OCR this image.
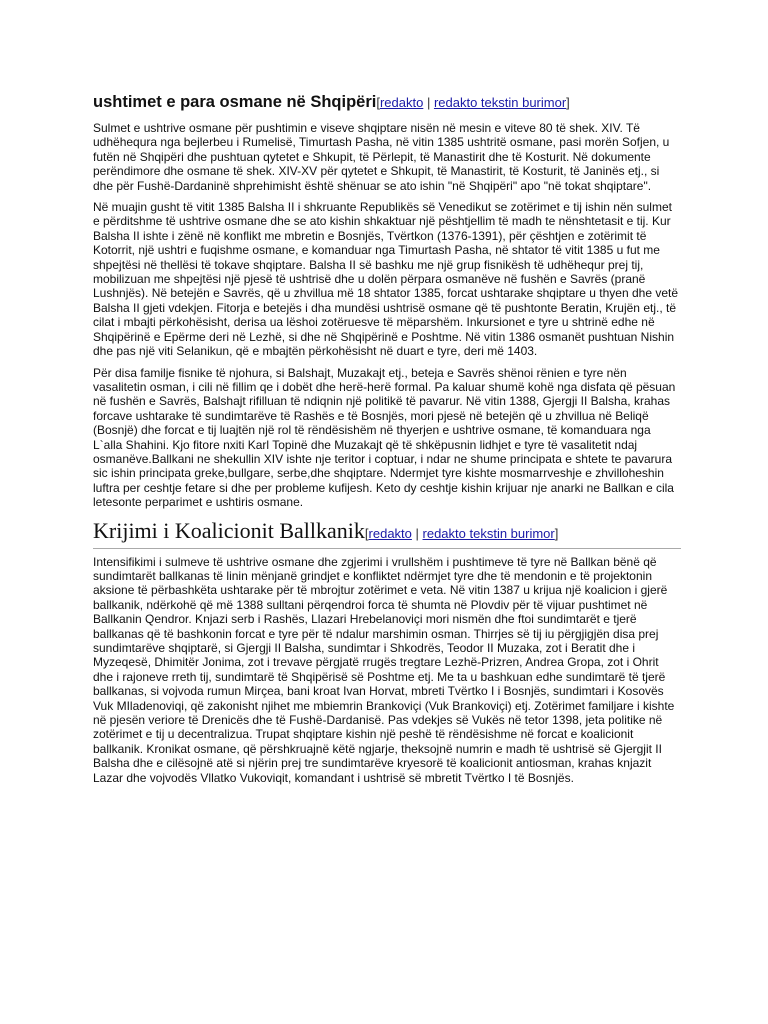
ushtimet e para osmane në Shqipëri[redakto | redakto tekstin burimor]

Sulmet e ushtrive osmane për pushtimin e viseve shqiptare nisën në mesin e viteve 80 të shek. XIV. Të udhëhequra nga bejlerbeu i Rumelisë, Timurtash Pasha, në vitin 1385 ushtritë osmane, pasi morën Sofjen, u futën në Shqipëri dhe pushtuan qytetet e Shkupit, të Përlepit, të Manastirit dhe të Kosturit. Në dokumente perëndimore dhe osmane të shek. XIV-XV për qytetet e Shkupit, të Manastirit, të Kosturit, të Janinës etj., si dhe për Fushë-Dardaninë shprehimisht është shënuar se ato ishin "në Shqipëri" apo "në tokat shqiptare".

Në muajin gusht të vitit 1385 Balsha II i shkruante Republikës së Venedikut se zotërimet e tij ishin nën sulmet e përditshme të ushtrive osmane dhe se ato kishin shkaktuar një pështjellim të madh te nënshtetasit e tij. Kur Balsha II ishte i zënë në konflikt me mbretin e Bosnjës, Tvërtkon (1376-1391), për çështjen e zotërimit të Kotorrit, një ushtri e fuqishme osmane, e komanduar nga Timurtash Pasha, në shtator të vitit 1385 u fut me shpejtësi në thellësi të tokave shqiptare. Balsha II së bashku me një grup fisnikësh të udhëhequr prej tij, mobilizuan me shpejtësi një pjesë të ushtrisë dhe u dolën përpara osmanëve në fushën e Savrës (pranë Lushnjës). Në betejën e Savrës, që u zhvillua më 18 shtator 1385, forcat ushtarake shqiptare u thyen dhe vetë Balsha II gjeti vdekjen. Fitorja e betejës i dha mundësi ushtrisë osmane që të pushtonte Beratin, Krujën etj., të cilat i mbajti përkohësisht, derisa ua lëshoi zotëruesve të mëparshëm. Inkursionet e tyre u shtrinë edhe në Shqipërinë e Epërme deri në Lezhë, si dhe në Shqipërinë e Poshtme. Në vitin 1386 osmanët pushtuan Nishin dhe pas një viti Selanikun, që e mbajtën përkohësisht në duart e tyre, deri më 1403.

Për disa familje fisnike të njohura, si Balshajt, Muzakajt etj., beteja e Savrës shënoi rënien e tyre nën vasalitetin osman, i cili në fillim qe i dobët dhe herë-herë formal. Pa kaluar shumë kohë nga disfata që pësuan në fushën e Savrës, Balshajt rifilluan të ndiqnin një politikë të pavarur. Në vitin 1388, Gjergji II Balsha, krahas forcave ushtarake të sundimtarëve të Rashës e të Bosnjës, mori pjesë në betejën që u zhvillua në Beliqë (Bosnjë) dhe forcat e tij luajtën një rol të rëndësishëm në thyerjen e ushtrive osmane, të komanduara nga L`alla Shahini. Kjo fitore nxiti Karl Topinë dhe Muzakajt që të shkëpusnin lidhjet e tyre të vasalitetit ndaj osmanëve.Ballkani ne shekullin XIV ishte nje teritor i coptuar, i ndar ne shume principata e shtete te pavarura sic ishin principata greke,bullgare, serbe,dhe shqiptare. Ndermjet tyre kishte mosmarrveshje e zhvilloheshin luftra per ceshtje fetare si dhe per probleme kufijesh. Keto dy ceshtje kishin krijuar nje anarki ne Ballkan e cila letesonte perparimet e ushtiris osmane.

Krijimi i Koalicionit Ballkanik[redakto | redakto tekstin burimor]

Intensifikimi i sulmeve të ushtrive osmane dhe zgjerimi i vrullshëm i pushtimeve të tyre në Ballkan bënë që sundimtarët ballkanas të linin mënjanë grindjet e konfliktet ndërmjet tyre dhe të mendonin e të projektonin aksione të përbashkëta ushtarake për të mbrojtur zotërimet e veta. Në vitin 1387 u krijua një koalicion i gjerë ballkanik, ndërkohë që më 1388 sulltani përqendroi forca të shumta në Plovdiv për të vijuar pushtimet në Ballkanin Qendror. Knjazi serb i Rashës, Llazari Hrebelanoviçi mori nismën dhe ftoi sundimtarët e tjerë ballkanas që të bashkonin forcat e tyre për të ndalur marshimin osman. Thirrjes së tij iu përgjigjën disa prej sundimtarëve shqiptarë, si Gjergji II Balsha, sundimtar i Shkodrës, Teodor II Muzaka, zot i Beratit dhe i Myzeqesë, Dhimitër Jonima, zot i trevave përgjatë rrugës tregtare Lezhë-Prizren, Andrea Gropa, zot i Ohrit dhe i rajoneve rreth tij, sundimtarë të Shqipërisë së Poshtme etj. Me ta u bashkuan edhe sundimtarë të tjerë ballkanas, si vojvoda rumun Mirçea, bani kroat Ivan Horvat, mbreti Tvërtko I i Bosnjës, sundimtari i Kosovës Vuk MIladenoviqi, që zakonisht njihet me mbiemrin Brankoviçi (Vuk Brankoviçi) etj. Zotërimet familjare i kishte në pjesën veriore të Drenicës dhe të Fushë-Dardanisë. Pas vdekjes së Vukës në tetor 1398, jeta politike në zotërimet e tij u decentralizua. Trupat shqiptare kishin një peshë të rëndësishme në forcat e koalicionit ballkanik. Kronikat osmane, që përshkruajnë këtë ngjarje, theksojnë numrin e madh të ushtrisë së Gjergjit II Balsha dhe e cilësojnë atë si njërin prej tre sundimtarëve kryesorë të koalicionit antiosman, krahas knjazit Lazar dhe vojvodës Vllatko Vukoviqit, komandant i ushtrisë së mbretit Tvërtko I të Bosnjës.
